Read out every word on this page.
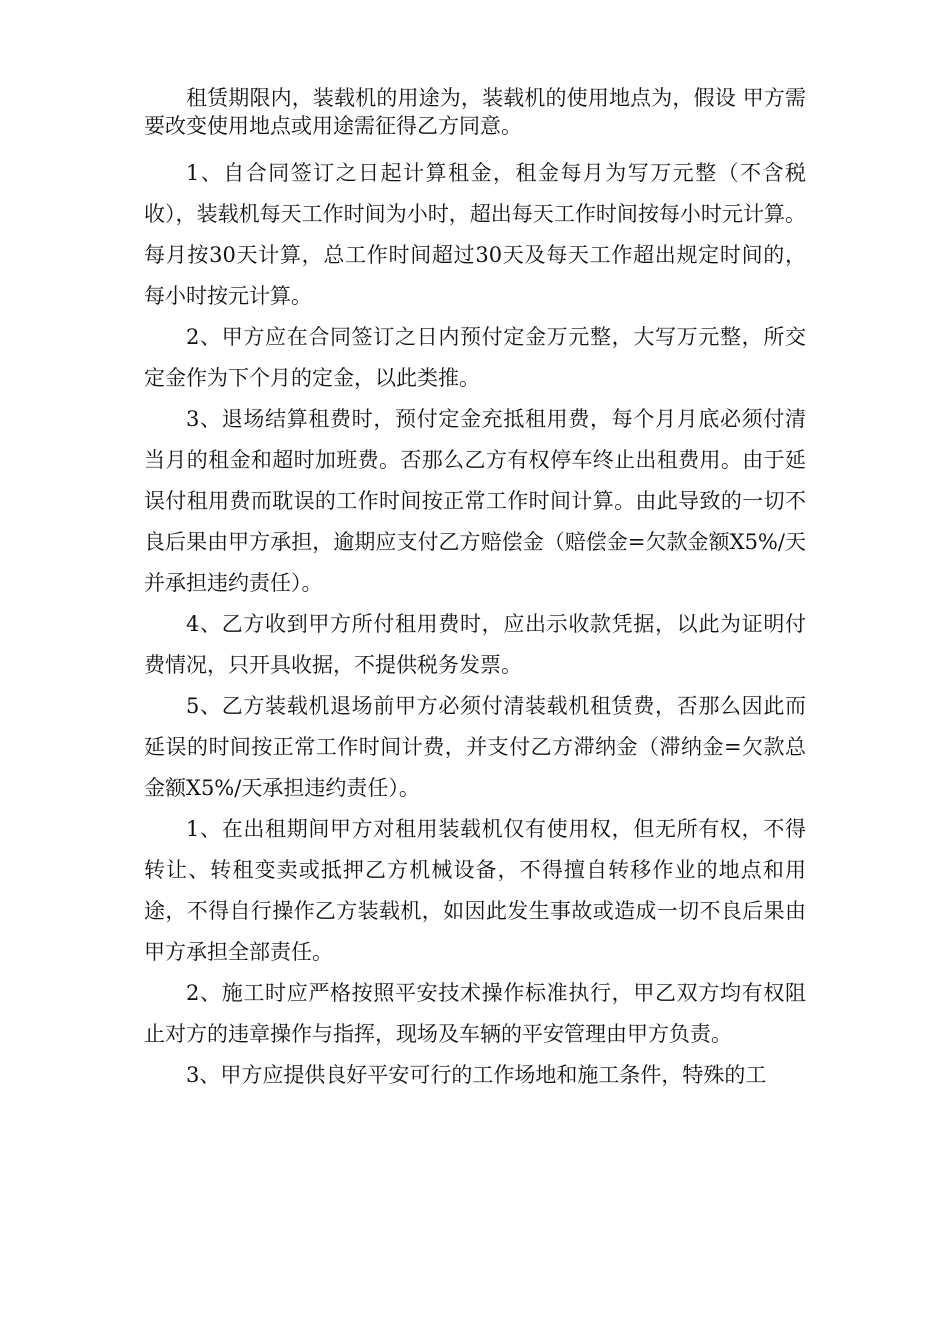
租赁期限内，装载机的用途为，装载机的使用地点为，假设 甲方需要改变使用地点或用途需征得乙方同意。

1、自合同签订之日起计算租金，租金每月为写万元整（不含税收），装载机每天工作时间为小时，超出每天工作时间按每小时元计算。每月按30天计算，总工作时间超过30天及每天工作超出规定时间的，每小时按元计算。

2、甲方应在合同签订之日内预付定金万元整，大写万元整，所交定金作为下个月的定金，以此类推。

3、退场结算租费时，预付定金充抵租用费，每个月月底必须付清当月的租金和超时加班费。否那么乙方有权停车终止出租费用。由于延误付租用费而耽误的工作时间按正常工作时间计算。由此导致的一切不良后果由甲方承担，逾期应支付乙方赔偿金（赔偿金=欠款金额X5%/天并承担违约责任）。

4、乙方收到甲方所付租用费时，应出示收款凭据，以此为证明付费情况，只开具收据，不提供税务发票。

5、乙方装载机退场前甲方必须付清装载机租赁费，否那么因此而延误的时间按正常工作时间计费，并支付乙方滞纳金（滞纳金=欠款总金额X5%/天承担违约责任）。

1、在出租期间甲方对租用装载机仅有使用权，但无所有权，不得转让、转租变卖或抵押乙方机械设备，不得擅自转移作业的地点和用途，不得自行操作乙方装载机，如因此发生事故或造成一切不良后果由甲方承担全部责任。

2、施工时应严格按照平安技术操作标准执行，甲乙双方均有权阻止对方的违章操作与指挥，现场及车辆的平安管理由甲方负责。

3、甲方应提供良好平安可行的工作场地和施工条件，特殊的工
